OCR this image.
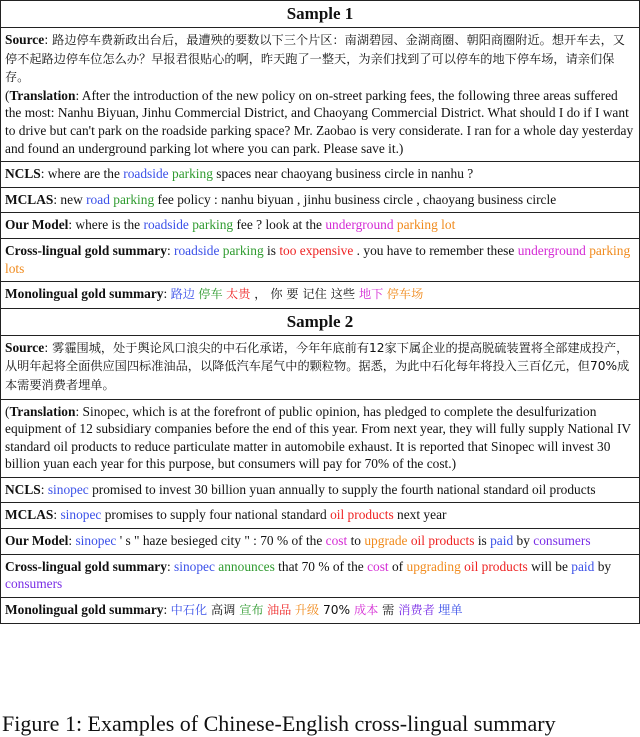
Sample 1
Source: 路边停车费新政出台后，最遭殃的要数以下三个片区：南湖碧园、金湖商圈、朝阳商圈附近。想开车去，又停不起路边停车位怎么办？早报君很贴心的啊，昨天跑了一整天，为亲们找到了可以停车的地下停车场，请亲们保存。
(Translation: After the introduction of the new policy on on-street parking fees, the following three areas suffered the most: Nanhu Biyuan, Jinhu Commercial District, and Chaoyang Commercial District. What should I do if I want to drive but can't park on the roadside parking space? Mr. Zaobao is very considerate. I ran for a whole day yesterday and found an underground parking lot where you can park. Please save it.)
NCLS: where are the roadside parking spaces near chaoyang business circle in nanhu ?
MCLAS: new road parking fee policy : nanhu biyuan , jinhu business circle , chaoyang business circle
Our Model: where is the roadside parking fee ? look at the underground parking lot
Cross-lingual gold summary: roadside parking is too expensive . you have to remember these underground parking lots
Monolingual gold summary: 路边 停车 太贵 ， 你 要 记住 这些 地下 停车场
Sample 2
Source: 雾霾围城，处于舆论风口浪尖的中石化承诺，今年年底前有12家下属企业的提高脱硫装置将全部建成投产，从明年起将全面供应国四标准油品，以降低汽车尾气中的颗粒物。据悉，为此中石化每年将投入三百亿元，但70%成本需要消费者埋单。
(Translation: Sinopec, which is at the forefront of public opinion, has pledged to complete the desulfurization equipment of 12 subsidiary companies before the end of this year. From next year, they will fully supply National IV standard oil products to reduce particulate matter in automobile exhaust. It is reported that Sinopec will invest 30 billion yuan each year for this purpose, but consumers will pay for 70% of the cost.)
NCLS: sinopec promised to invest 30 billion yuan annually to supply the fourth national standard oil products
MCLAS: sinopec promises to supply four national standard oil products next year
Our Model: sinopec ' s " haze besieged city " : 70 % of the cost to upgrade oil products is paid by consumers
Cross-lingual gold summary: sinopec announces that 70 % of the cost of upgrading oil products will be paid by consumers
Monolingual gold summary: 中石化 高调 宣布 油品 升级 70% 成本 需 消费者 埋单
Figure 1: Examples of Chinese-English cross-lingual summary
